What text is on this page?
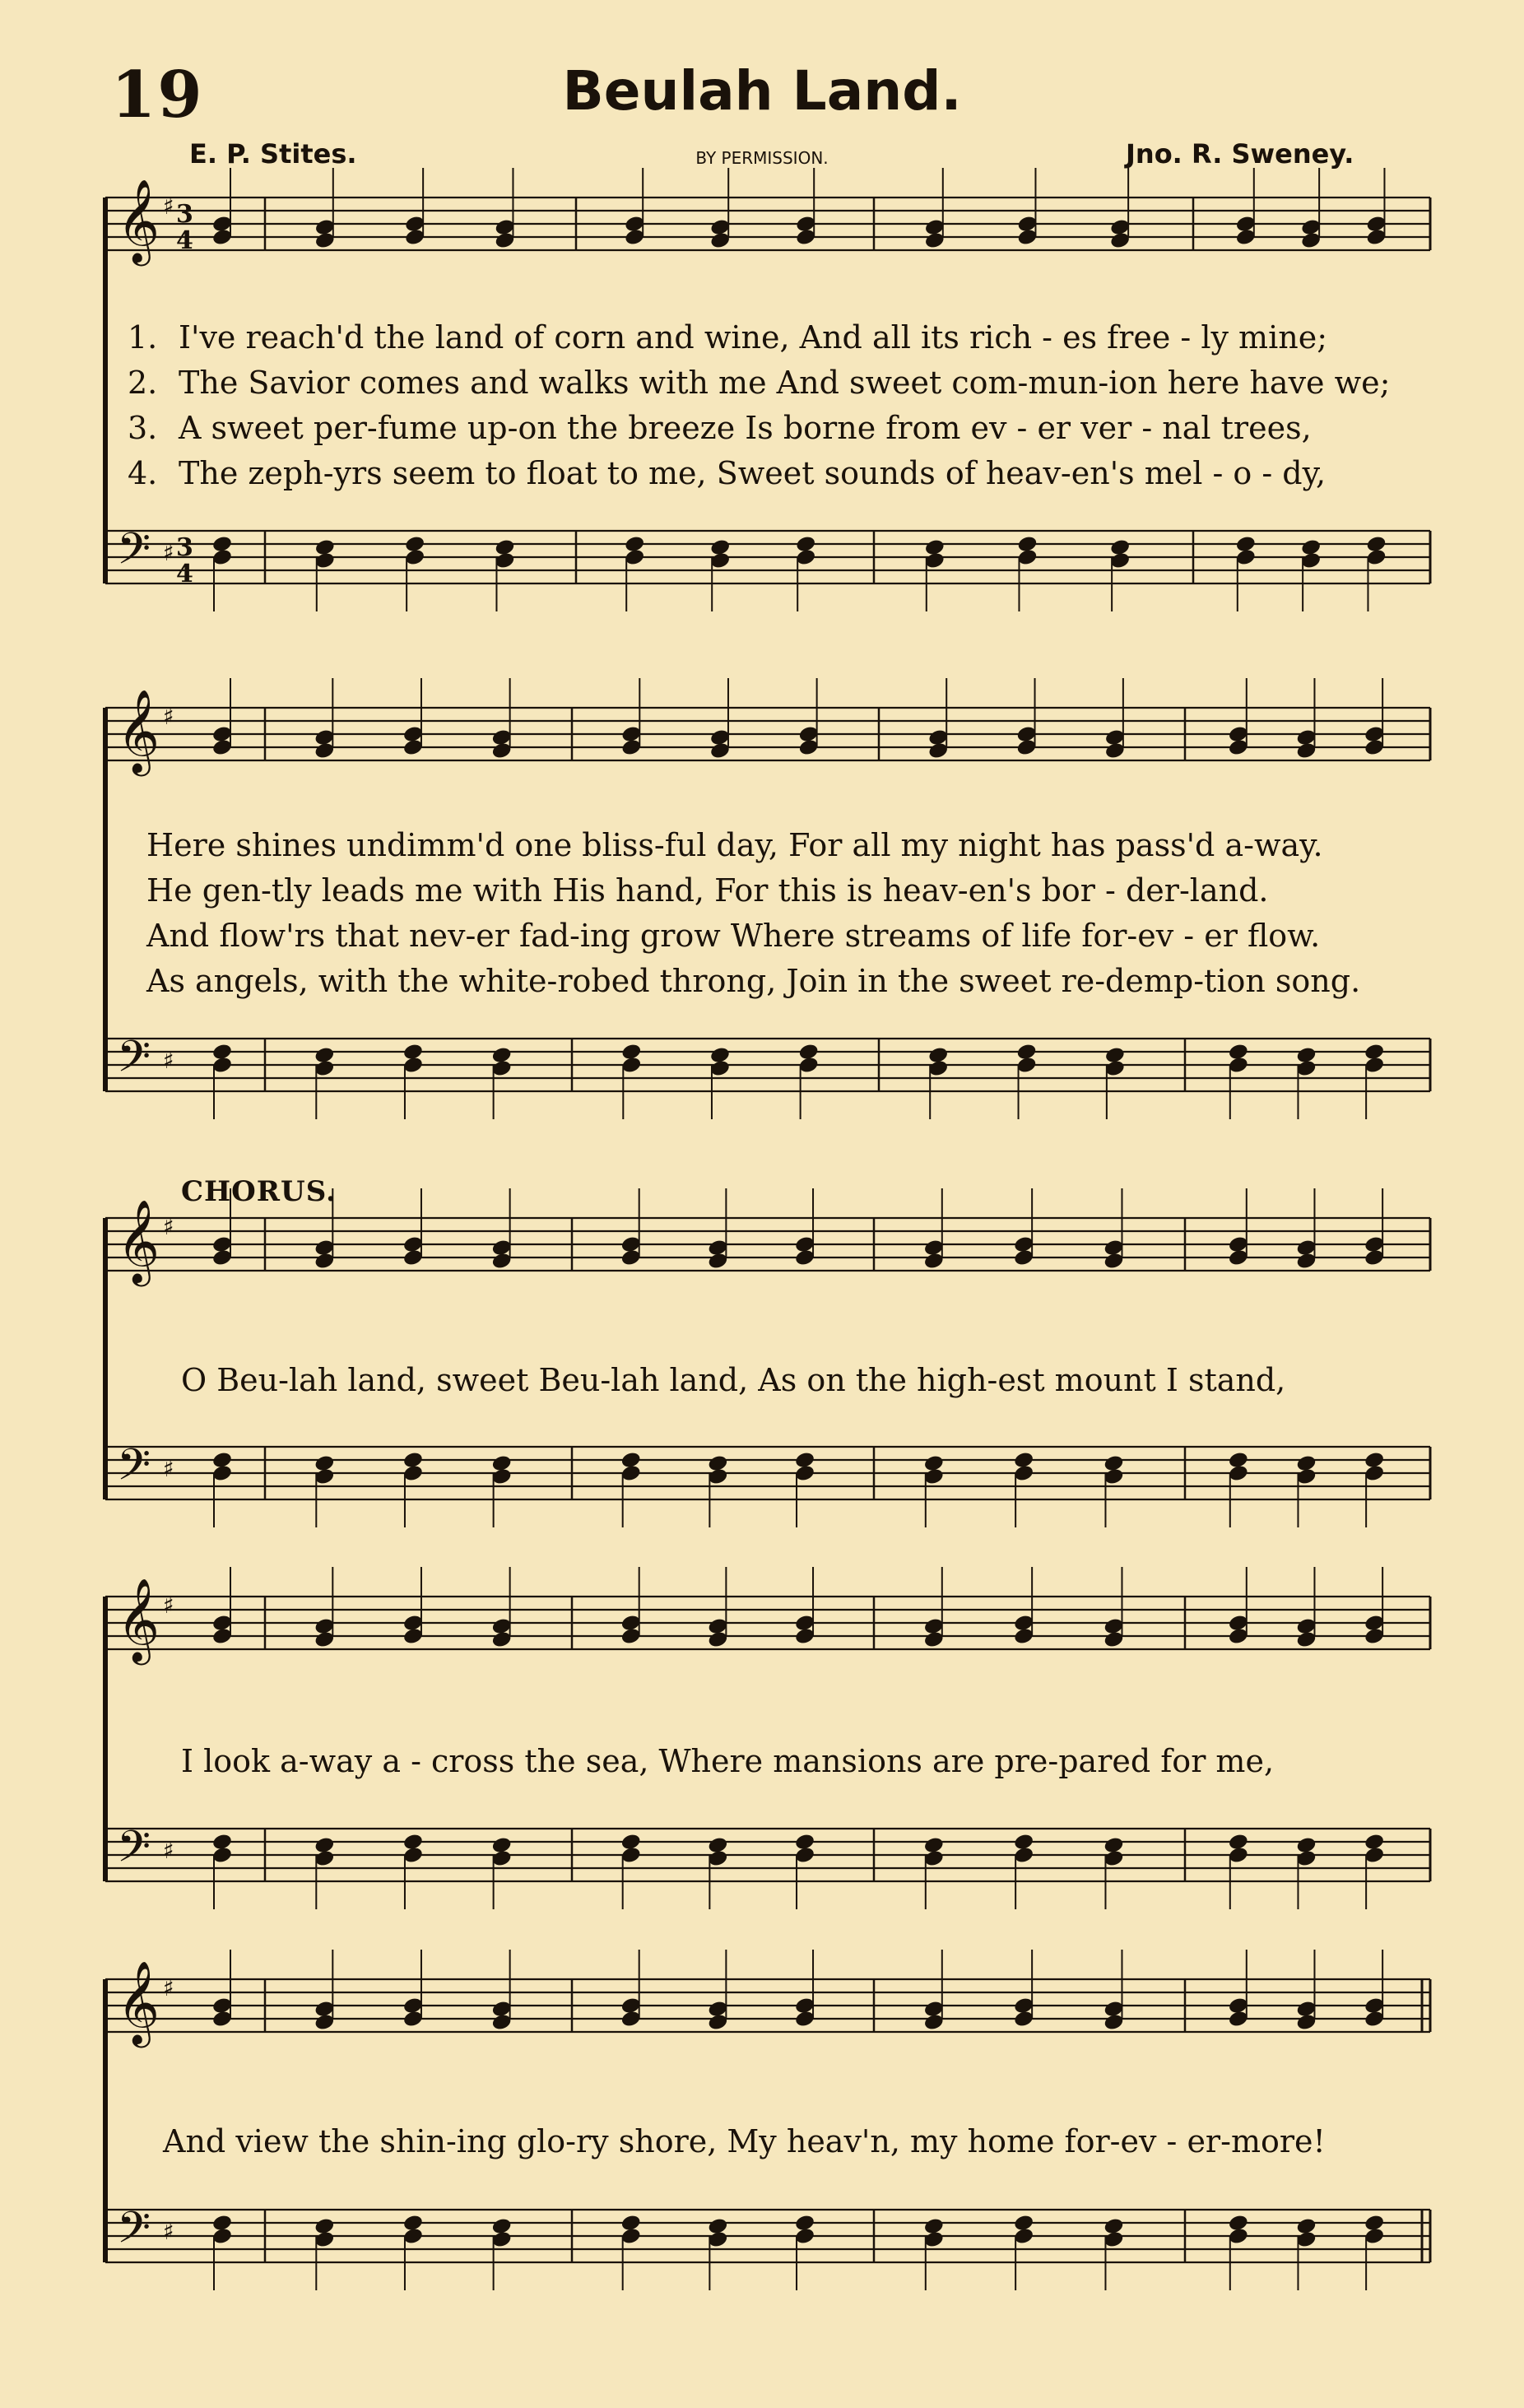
19	Beulah Land.
E. P. Stites.	BY PERMISSION.	Jno. R. Sweney.
𝄞
𝄢
♯
♯
3
4
3
4
𝄞
𝄢
♯
♯
𝄞
𝄢
♯
♯
𝄞
𝄢
♯
♯
𝄞
𝄢
♯
♯
1. I've reach'd the land of corn and wine, And all its rich - es free - ly mine;
2. The Savior comes and walks with me And sweet com-mun-ion here have we;
3. A sweet per-fume up-on the breeze Is borne from ev - er ver - nal trees,
4. The zeph-yrs seem to float to me, Sweet sounds of heav-en's mel - o - dy,
Here shines undimm'd one bliss-ful day, For all my night has pass'd a-way.
He gen-tly leads me with His hand, For this is heav-en's bor - der-land.
And flow'rs that nev-er fad-ing grow Where streams of life for-ev - er flow.
As angels, with the white-robed throng, Join in the sweet re-demp-tion song.
CHORUS.
O Beu-lah land, sweet Beu-lah land, As on the high-est mount I stand,
I look a-way a - cross the sea, Where mansions are pre-pared for me,
And view the shin-ing glo-ry shore, My heav'n, my home for-ev - er-more!
